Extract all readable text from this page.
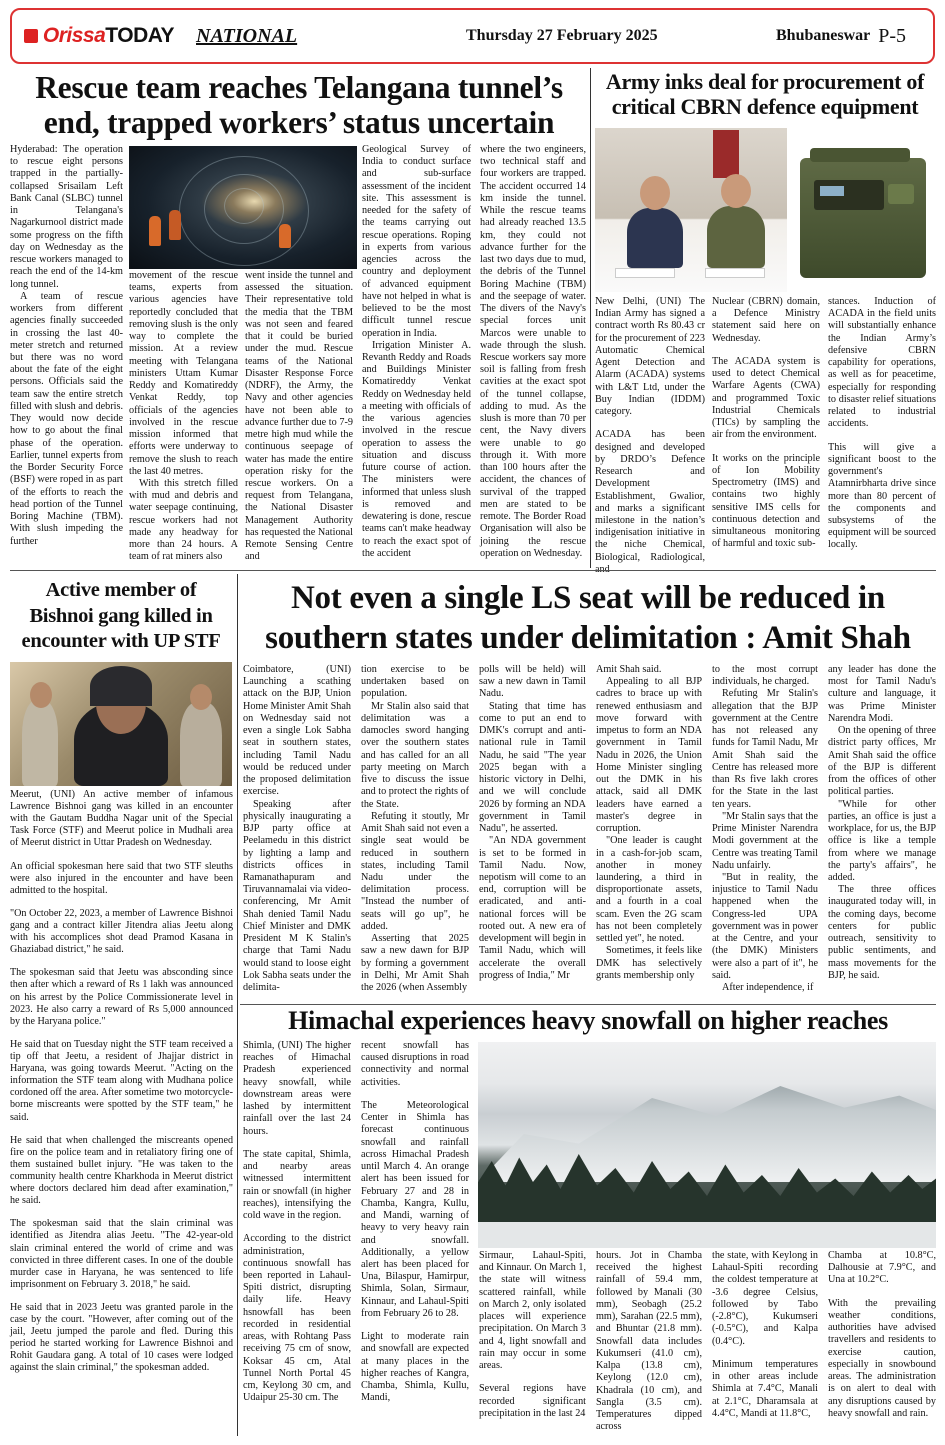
OrissaTODAY NATIONAL	Thursday 27 February 2025	Bhubaneswar P-5
Rescue team reaches Telangana tunnel’s
end, trapped workers’ status uncertain

Hyderabad: The operation to rescue eight persons trapped in the partially-collapsed Srisailam Left Bank Canal (SLBC) tunnel in Telangana's Nagarkurnool district made some progress on the fifth day on Wednesday as the rescue workers managed to reach the end of the 14-km long tunnel.

A team of rescue workers from different agencies finally succeeded in crossing the last 40-meter stretch and returned but there was no word about the fate of the eight persons. Officials said the team saw the entire stretch filled with slush and debris. They would now decide how to go about the final phase of the operation. Earlier, tunnel experts from the Border Security Force (BSF) were roped in as part of the efforts to reach the head portion of the Tunnel Boring Machine (TBM). With slush impeding the further

movement of the rescue teams, experts from various agencies have reportedly concluded that removing slush is the only way to complete the mission. At a review meeting with Telangana ministers Uttam Kumar Reddy and Komatireddy Venkat Reddy, top officials of the agencies involved in the rescue mission informed that efforts were underway to remove the slush to reach the last 40 metres.

With this stretch filled with mud and debris and water seepage continuing, rescue workers had not made any headway for more than 24 hours. A team of rat miners also

went inside the tunnel and assessed the situation. Their representative told the media that the TBM was not seen and feared that it could be buried under the mud. Rescue teams of the National Disaster Response Force (NDRF), the Army, the Navy and other agencies have not been able to advance further due to 7-9 metre high mud while the continuous seepage of water has made the entire operation risky for the rescue workers. On a request from Telangana, the National Disaster Management Authority has requested the National Remote Sensing Centre and

Geological Survey of India to conduct surface and sub-surface assessment of the incident site. This assessment is needed for the safety of the teams carrying out rescue operations. Roping in experts from various agencies across the country and deployment of advanced equipment have not helped in what is believed to be the most difficult tunnel rescue operation in India.

Irrigation Minister A. Revanth Reddy and Roads and Buildings Minister Komatireddy Venkat Reddy on Wednesday held a meeting with officials of the various agencies involved in the rescue operation to assess the situation and discuss future course of action. The ministers were informed that unless slush is removed and dewatering is done, rescue teams can't make headway to reach the exact spot of the accident

where the two engineers, two technical staff and four workers are trapped. The accident occurred 14 km inside the tunnel. While the rescue teams had already reached 13.5 km, they could not advance further for the last two days due to mud, the debris of the Tunnel Boring Machine (TBM) and the seepage of water. The divers of the Navy's special forces unit Marcos were unable to wade through the slush. Rescue workers say more soil is falling from fresh cavities at the exact spot of the tunnel collapse, adding to mud. As the slush is more than 70 per cent, the Navy divers were unable to go through it. With more than 100 hours after the accident, the chances of survival of the trapped men are stated to be remote. The Border Road Organisation will also be joining the rescue operation on Wednesday.

Army inks deal for procurement of
critical CBRN defence equipment

New Delhi, (UNI) The Indian Army has signed a contract worth Rs 80.43 cr for the procurement of 223 Automatic Chemical Agent Detection and Alarm (ACADA) systems with L&T Ltd, under the Buy Indian (IDDM) category.

ACADA has been designed and developed by DRDO’s Defence Research and Development Establishment, Gwalior, and marks a significant milestone in the nation’s indigenisation initiative in the niche Chemical, Biological, Radiological,

Nuclear (CBRN) domain, a Defence Ministry statement said here on Wednesday.

The ACADA system is used to detect Chemical Warfare Agents (CWA) and programmed Toxic Industrial Chemicals (TICs) by sampling the air from the environment.

It works on the principle of Ion Mobility Spectrometry (IMS) and contains two highly sensitive IMS cells for continuous detection and simultaneous monitoring of harmful and toxic sub-

stances. Induction of ACADA in the field units will substantially enhance the Indian Army’s defensive CBRN capability for operations, as well as for peacetime, especially for responding to disaster relief situations related to industrial accidents.

This will give a significant boost to the government's Atamnirbharta drive since more than 80 percent of the components and subsystems of the equipment will be sourced locally.

Active member of
Bishnoi gang killed in
encounter with UP STF

Meerut, (UNI) An active member of infamous Lawrence Bishnoi gang was killed in an encounter with the Gautam Buddha Nagar unit of the Special Task Force (STF) and Meerut police in Mudhali area of Meerut district in Uttar Pradesh on Wednesday.

An official spokesman here said that two STF sleuths were also injured in the encounter and have been admitted to the hospital.

"On October 22, 2023, a member of Lawrence Bishnoi gang and a contract killer Jitendra alias Jeetu along with his accomplices shot dead Pramod Kasana in Ghaziabad district," he said.

The spokesman said that Jeetu was absconding since then after which a reward of Rs 1 lakh was announced on his arrest by the Police Commissionerate level in 2023. He also carry a reward of Rs 5,000 announced by the Haryana police."

He said that on Tuesday night the STF team received a tip off that Jeetu, a resident of Jhajjar district in Haryana, was going towards Meerut. "Acting on the information the STF team along with Mudhana police cordoned off the area. After sometime two motorcycle-borne miscreants were spotted by the STF team," he said.

He said that when challenged the miscreants opened fire on the police team and in retaliatory firing one of them sustained bullet injury. "He was taken to the community health centre Kharkhoda in Meerut district where doctors declared him dead after examination," he said.

The spokesman said that the slain criminal was identified as Jitendra alias Jeetu. "The 42-year-old slain criminal entered the world of crime and was convicted in three different cases. In one of the double murder case in Haryana, he was sentenced to life imprisonment on February 3. 2018," he said.

He said that in 2023 Jeetu was granted parole in the case by the court. "However, after coming out of the jail, Jeetu jumped the parole and fled. During this period he started working for Lawrence Bishnoi and Rohit Gaudara gang. A total of 10 cases were lodged against the slain criminal," the spokesman added.

Not even a single LS seat will be reduced in
southern states under delimitation : Amit Shah

Coimbatore, (UNI) Launching a scathing attack on the BJP, Union Home Minister Amit Shah on Wednesday said not even a single Lok Sabha seat in southern states, including Tamil Nadu would be reduced under the proposed delimitation exercise.

Speaking after physically inaugurating a BJP party office at Peelamedu in this district by lighting a lamp and districts offices in Ramanathapuram and Tiruvannamalai via video-conferencing, Mr Amit Shah denied Tamil Nadu Chief Minister and DMK President M K Stalin's charge that Tami Nadu would stand to loose eight Lok Sabha seats under the delimita-

tion exercise to be undertaken based on population.

Mr Stalin also said that delimitation was a damocles sword hanging over the southern states and has called for an all party meeting on March five to discuss the issue and to protect the rights of the State.

Refuting it stoutly, Mr Amit Shah said not even a single seat would be reduced in southern states, including Tamil Nadu under the delimitation process. "Instead the number of seats will go up", he added.

Asserting that 2025 saw a new dawn for BJP by forming a government in Delhi, Mr Amit Shah the 2026 (when Assembly

polls will be held) will saw a new dawn in Tamil Nadu.

Stating that time has come to put an end to DMK's corrupt and anti-national rule in Tamil Nadu, he said "The year 2025 began with a historic victory in Delhi, and we will conclude 2026 by forming an NDA government in Tamil Nadu", he asserted.

"An NDA government is set to be formed in Tamil Nadu. Now, nepotism will come to an end, corruption will be eradicated, and anti-national forces will be rooted out. A new era of development will begin in Tamil Nadu, which will accelerate the overall progress of India," Mr

Amit Shah said.

Appealing to all BJP cadres to brace up with renewed enthusiasm and move forward with impetus to form an NDA government in Tamil Nadu in 2026, the Union Home Minister singling out the DMK in his attack, said all DMK leaders have earned a master's degree in corruption.

"One leader is caught in a cash-for-job scam, another in money laundering, a third in disproportionate assets, and a fourth in a coal scam. Even the 2G scam has not been completely settled yet", he noted.

Sometimes, it feels like DMK has selectively grants membership only

to the most corrupt individuals, he charged.

Refuting Mr Stalin's allegation that the BJP government at the Centre has not released any funds for Tamil Nadu, Mr Amit Shah said the Centre has released more than Rs five lakh crores for the State in the last ten years.

"Mr Stalin says that the Prime Minister Narendra Modi government at the Centre was treating Tamil Nadu unfairly.

"But in reality, the injustice to Tamil Nadu happened when the Congress-led UPA government was in power at the Centre, and your (the DMK) Ministers were also a part of it", he said.

After independence, if

any leader has done the most for Tamil Nadu's culture and language, it was Prime Minister Narendra Modi.

On the opening of three district party offices, Mr Amit Shah said the office of the BJP is different from the offices of other political parties.

"While for other parties, an office is just a workplace, for us, the BJP office is like a temple from where we manage the party's affairs", he added.

The three offices inaugurated today will, in the coming days, become centers for public outreach, sensitivity to public sentiments, and mass movements for the BJP, he said.

Himachal experiences heavy snowfall on higher reaches

Shimla, (UNI) The higher reaches of Himachal Pradesh experienced heavy snowfall, while downstream areas were lashed by intermittent rainfall over the last 24 hours.

The state capital, Shimla, and nearby areas witnessed intermittent rain or snowfall (in higher reaches), intensifying the cold wave in the region.

According to the district administration, continuous snowfall has been reported in Lahaul-Spiti district, disrupting daily life. Heavy hsnowfall has been recorded in residential areas, with Rohtang Pass receiving 75 cm of snow, Koksar 45 cm, Atal Tunnel North Portal 45 cm, Keylong 30 cm, and Udaipur 25-30 cm. The

recent snowfall has caused disruptions in road connectivity and normal activities.

The Meteorological Center in Shimla has forecast continuous snowfall and rainfall across Himachal Pradesh until March 4. An orange alert has been issued for February 27 and 28 in Chamba, Kangra, Kullu, and Mandi, warning of heavy to very heavy rain and snowfall. Additionally, a yellow alert has been placed for Una, Bilaspur, Hamirpur, Shimla, Solan, Sirmaur, Kinnaur, and Lahaul-Spiti from February 26 to 28.

Light to moderate rain and snowfall are expected at many places in the higher reaches of Kangra, Chamba, Shimla, Kullu, Mandi,

Sirmaur, Lahaul-Spiti, and Kinnaur. On March 1, the state will witness scattered rainfall, while on March 2, only isolated places will experience precipitation. On March 3 and 4, light snowfall and rain may occur in some areas.

Several regions have recorded significant precipitation in the last 24

hours. Jot in Chamba received the highest rainfall of 59.4 mm, followed by Manali (30 mm), Seobagh (25.2 mm), Sarahan (22.5 mm), and Bhuntar (21.8 mm). Snowfall data includes Kukumseri (41.0 cm), Kalpa (13.8 cm), Keylong (12.0 cm), Khadrala (10 cm), and Sangla (3.5 cm). Temperatures dipped across

the state, with Keylong in Lahaul-Spiti recording the coldest temperature at -3.6 degree Celsius, followed by Tabo (-2.8°C), Kukumseri (-0.5°C), and Kalpa (0.4°C).

Minimum temperatures in other areas include Shimla at 7.4°C, Manali at 2.1°C, Dharamsala at 4.4°C, Mandi at 11.8°C,

Chamba at 10.8°C, Dalhousie at 7.9°C, and Una at 10.2°C.

With the prevailing weather conditions, authorities have advised travellers and residents to exercise caution, especially in snowbound areas. The administration is on alert to deal with any disruptions caused by heavy snowfall and rain.
